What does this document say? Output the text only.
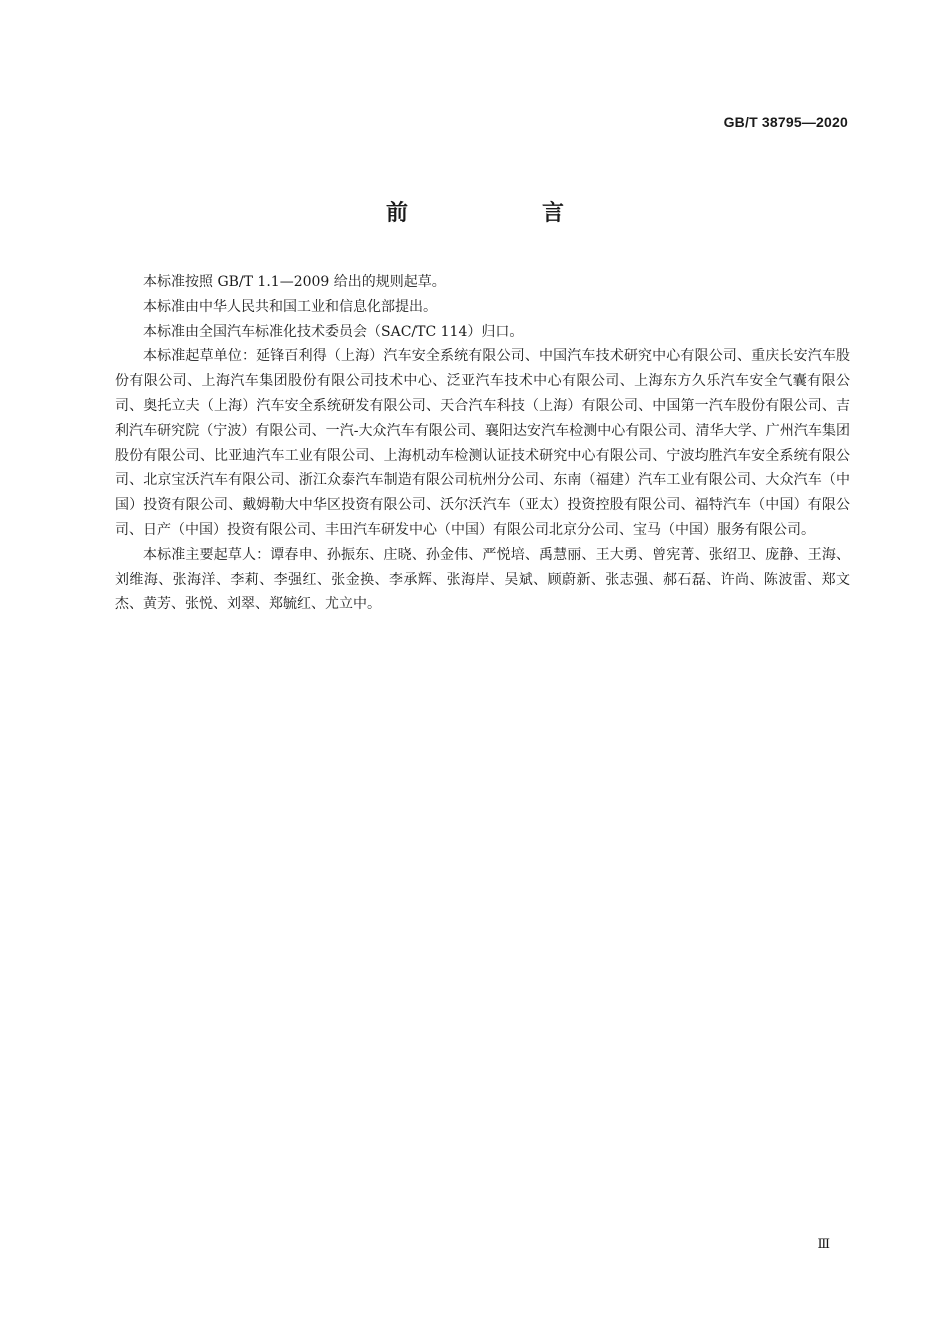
GB/T 38795—2020
前　言

本标准按照 GB/T 1.1—2009 给出的规则起草。

本标准由中华人民共和国工业和信息化部提出。

本标准由全国汽车标准化技术委员会（SAC/TC 114）归口。

本标准起草单位：延锋百利得（上海）汽车安全系统有限公司、中国汽车技术研究中心有限公司、重庆长安汽车股份有限公司、上海汽车集团股份有限公司技术中心、泛亚汽车技术中心有限公司、上海东方久乐汽车安全气囊有限公司、奥托立夫（上海）汽车安全系统研发有限公司、天合汽车科技（上海）有限公司、中国第一汽车股份有限公司、吉利汽车研究院（宁波）有限公司、一汽-大众汽车有限公司、襄阳达安汽车检测中心有限公司、清华大学、广州汽车集团股份有限公司、比亚迪汽车工业有限公司、上海机动车检测认证技术研究中心有限公司、宁波均胜汽车安全系统有限公司、北京宝沃汽车有限公司、浙江众泰汽车制造有限公司杭州分公司、东南（福建）汽车工业有限公司、大众汽车（中国）投资有限公司、戴姆勒大中华区投资有限公司、沃尔沃汽车（亚太）投资控股有限公司、福特汽车（中国）有限公司、日产（中国）投资有限公司、丰田汽车研发中心（中国）有限公司北京分公司、宝马（中国）服务有限公司。

本标准主要起草人：谭春申、孙振东、庄晓、孙金伟、严悦培、禹慧丽、王大勇、曾宪菁、张绍卫、庞静、王海、刘维海、张海洋、李莉、李强红、张金换、李承辉、张海岸、吴斌、顾蔚新、张志强、郝石磊、许尚、陈波雷、郑文杰、黄芳、张悦、刘翠、郑毓红、尤立中。

Ⅲ
